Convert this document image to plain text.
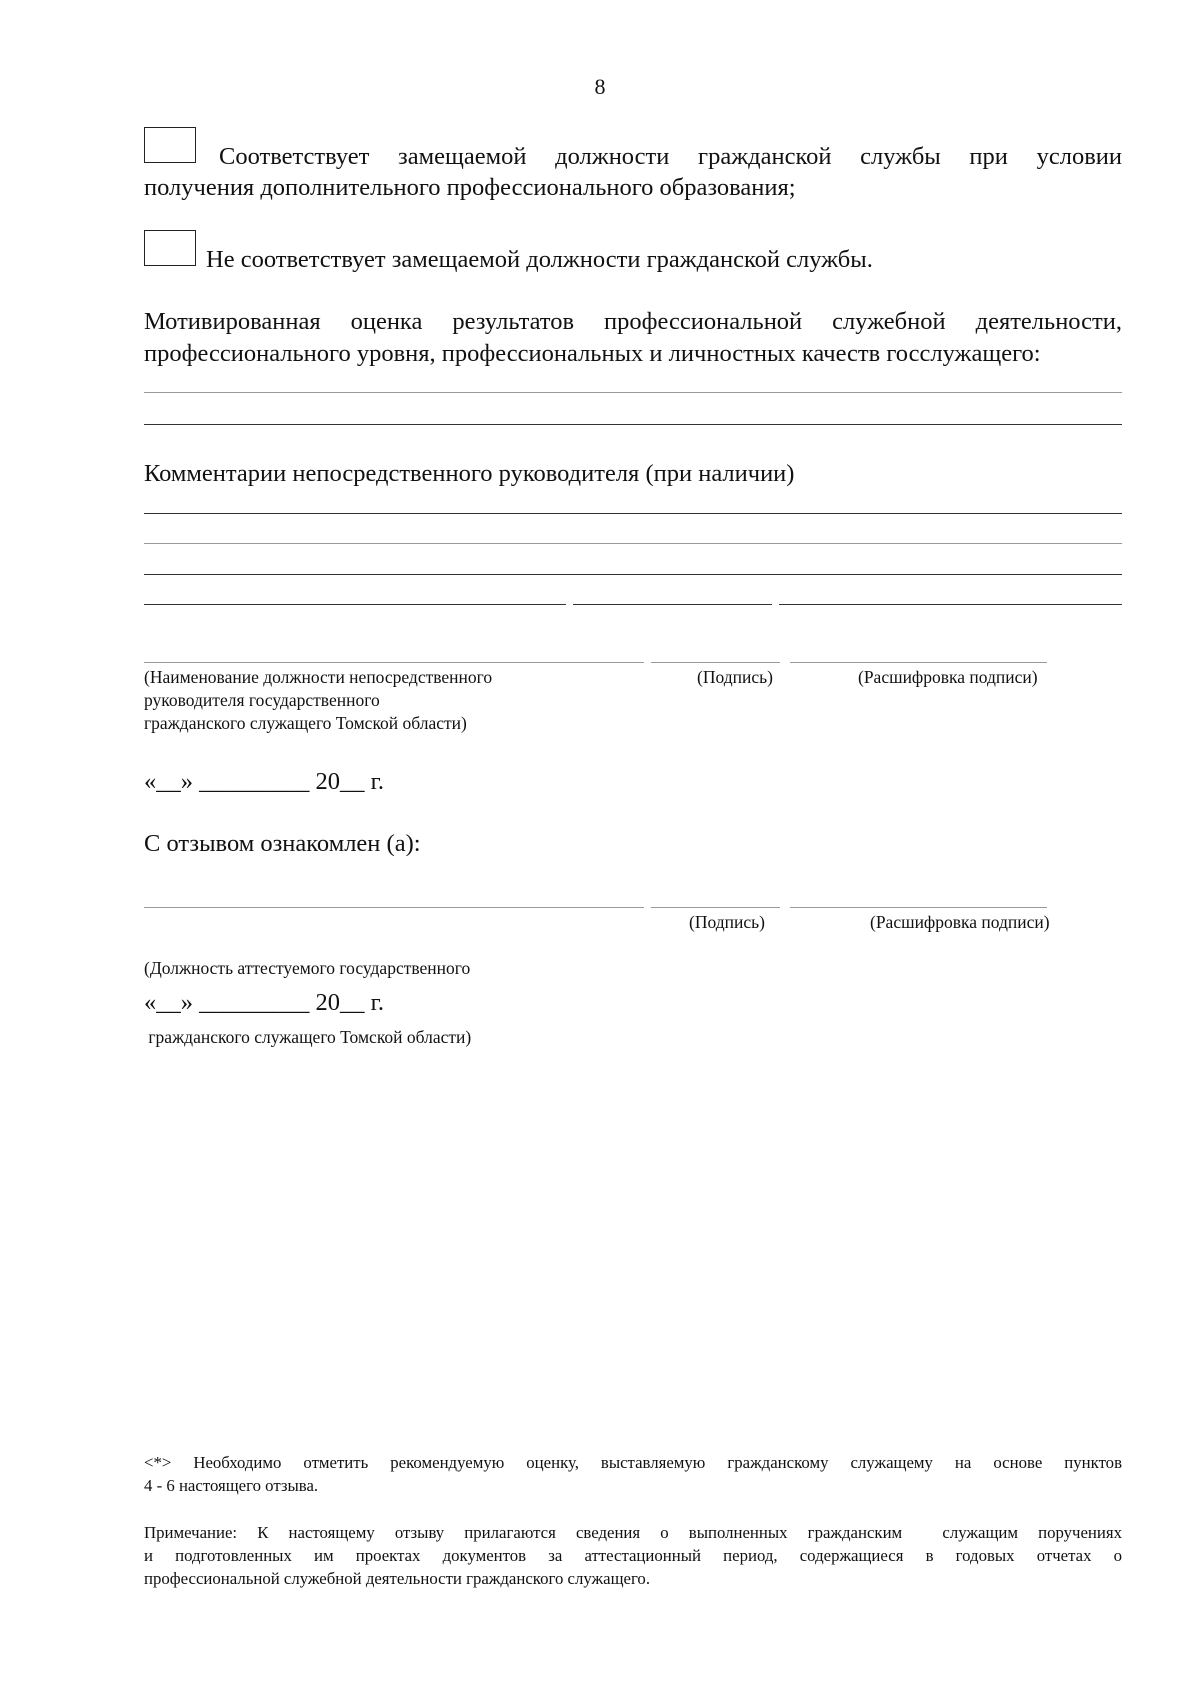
8
Соответствует замещаемой должности гражданской службы при условии
получения дополнительного профессионального образования;
Не соответствует замещаемой должности гражданской службы.
Мотивированная оценка результатов профессиональной служебной деятельности,
профессионального уровня, профессиональных и личностных качеств госслужащего:
Комментарии непосредственного руководителя (при наличии)
(Наименование должности непосредственного
руководителя государственного
гражданского служащего Томской области)
(Подпись)	(Расшифровка подписи)
«__» _________ 20__ г.
С отзывом ознакомлен (а):

(Должность аттестуемого государственного

гражданского служащего Томской области)

(Подпись)	(Расшифровка подписи)
«__» _________ 20__ г.
<*> Необходимо отметить рекомендуемую оценку, выставляемую гражданскому служащему на основе пунктов
4 - 6 настоящего отзыва.
Примечание: К настоящему отзыву прилагаются сведения о выполненных гражданским  служащим поручениях
и подготовленных им проектах документов за аттестационный период, содержащиеся в годовых отчетах о
профессиональной служебной деятельности гражданского служащего.
